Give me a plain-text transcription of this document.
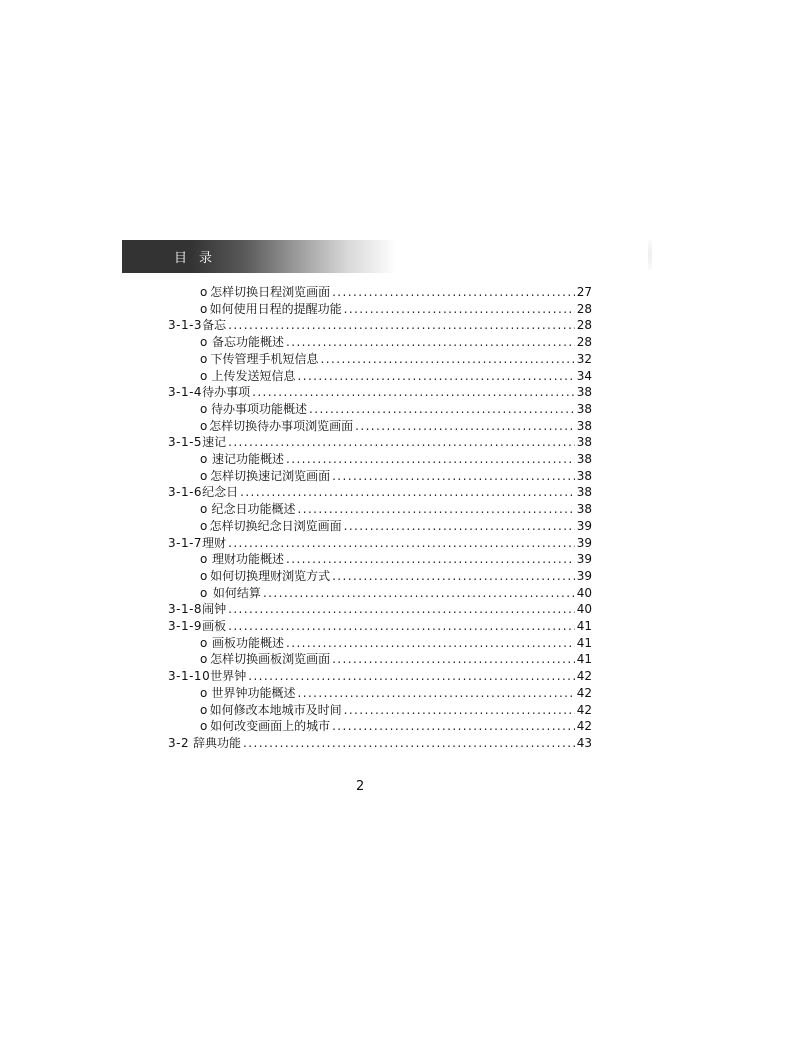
目录
o 怎样切换日程浏览画面 . . .	27
o 如何使用日程的提醒功能 . . .	28
3-1-3 备忘 . . .	28
o 备忘功能概述 . . .	28
o 下传管理手机短信息 . . .	32
o 上传发送短信息 . . .	34
3-1-4 待办事项 . . .	38
o 待办事项功能概述 . . .	38
o 怎样切换待办事项浏览画面 . . .	38
3-1-5 速记 . . .	38
o 速记功能概述 . . .	38
o 怎样切换速记浏览画面 . . .	38
3-1-6 纪念日 . . .	38
o 纪念日功能概述 . . .	38
o 怎样切换纪念日浏览画面 . . .	39
3-1-7 理财 . . .	39
o 理财功能概述 . . .	39
o 如何切换理财浏览方式 . . .	39
o 如何结算 . . .	40
3-1-8 闹钟 . . .	40
3-1-9 画板 . . .	41
o 画板功能概述 . . .	41
o 怎样切换画板浏览画面 . . .	41
3-1-10 世界钟 . . .	42
o 世界钟功能概述 . . .	42
o 如何修改本地城市及时间 . . .	42
o 如何改变画面上的城市 . . .	42
3-2 辞典功能 . . .	43
2
